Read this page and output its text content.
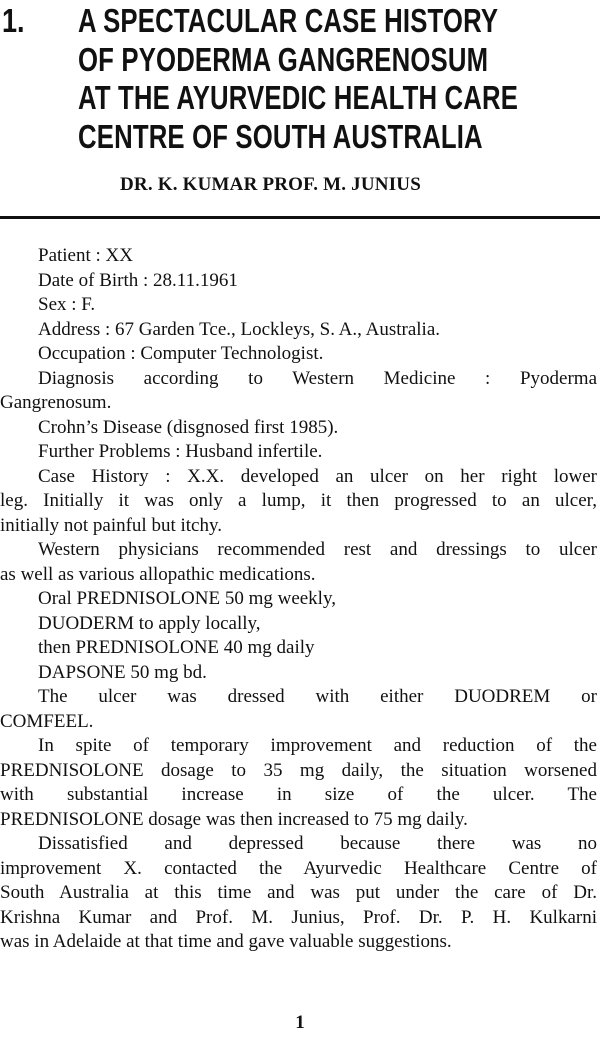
1. A SPECTACULAR CASE HISTORY
OF PYODERMA GANGRENOSUM
AT THE AYURVEDIC HEALTH CARE
CENTRE OF SOUTH AUSTRALIA
DR. K. KUMAR PROF. M. JUNIUS
Patient : XX
Date of Birth : 28.11.1961
Sex : F.
Address : 67 Garden Tce., Lockleys, S. A., Australia.
Occupation : Computer Technologist.
Diagnosis according to Western Medicine : Pyoderma
Gangrenosum.
Crohn’s Disease (disgnosed first 1985).
Further Problems : Husband infertile.
Case History : X.X. developed an ulcer on her right lower
leg. Initially it was only a lump, it then progressed to an ulcer,
initially not painful but itchy.
Western physicians recommended rest and dressings to ulcer
as well as various allopathic medications.
Oral PREDNISOLONE 50 mg weekly,
DUODERM to apply locally,
then PREDNISOLONE 40 mg daily
DAPSONE 50 mg bd.
The ulcer was dressed with either DUODREM or
COMFEEL.
In spite of temporary improvement and reduction of the
PREDNISOLONE dosage to 35 mg daily, the situation worsened
with substantial increase in size of the ulcer. The
PREDNISOLONE dosage was then increased to 75 mg daily.
Dissatisfied and depressed because there was no
improvement X. contacted the Ayurvedic Healthcare Centre of
South Australia at this time and was put under the care of Dr.
Krishna Kumar and Prof. M. Junius, Prof. Dr. P. H. Kulkarni
was in Adelaide at that time and gave valuable suggestions.
1
